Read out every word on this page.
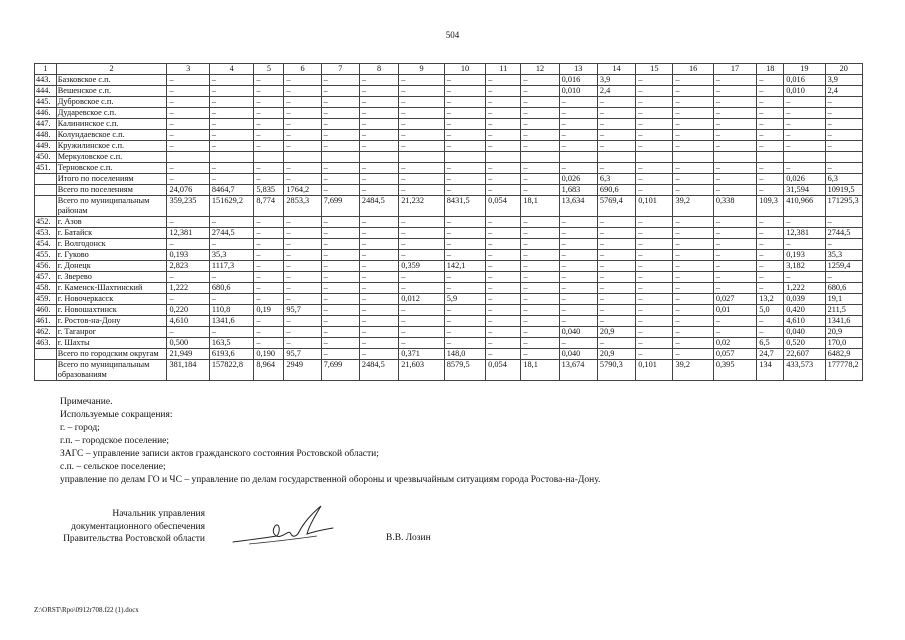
504
1	2	3	4	5	6	7	8	9	10	11	12	13	14	15	16	17	18	19	20
443.	Базковское с.п.	–	–	–	–	–	–	–	–	–	–	0,016	3,9	–	–	–	–	0,016	3,9
444.	Вешенское с.п.	–	–	–	–	–	–	–	–	–	–	0,010	2,4	–	–	–	–	0,010	2,4
445.	Дубровское с.п.	–	–	–	–	–	–	–	–	–	–	–	–	–	–	–	–	–	–
446.	Дударевское с.п.	–	–	–	–	–	–	–	–	–	–	–	–	–	–	–	–	–	–
447.	Калининское с.п.	–	–	–	–	–	–	–	–	–	–	–	–	–	–	–	–	–	–
448.	Колундаевское с.п.	–	–	–	–	–	–	–	–	–	–	–	–	–	–	–	–	–	–
449.	Кружилинское с.п.	–	–	–	–	–	–	–	–	–	–	–	–	–	–	–	–	–	–
450.	Меркуловское с.п.																		
451.	Терновское с.п.	–	–	–	–	–	–	–	–	–	–	–	–	–	–	–	–	–	–
	Итого по поселениям	–	–	–	–	–	–	–	–	–	–	0,026	6,3	–	–	–	–	0,026	6,3
	Всего по поселениям	24,076	8464,7	5,835	1764,2	–	–	–	–	–	–	1,683	690,6	–	–	–	–	31,594	10919,5
	Всего по муниципальным районам	359,235	151629,2	8,774	2853,3	7,699	2484,5	21,232	8431,5	0,054	18,1	13,634	5769,4	0,101	39,2	0,338	109,3	410,966	171295,3
452.	г. Азов	–	–	–	–	–	–	–	–	–	–	–	–	–	–	–	–	–	–
453.	г. Батайск	12,381	2744,5	–	–	–	–	–	–	–	–	–	–	–	–	–	–	12,381	2744,5
454.	г. Волгодонск	–	–	–	–	–	–	–	–	–	–	–	–	–	–	–	–	–	–
455.	г. Гуково	0,193	35,3	–	–	–	–	–	–	–	–	–	–	–	–	–	–	0,193	35,3
456.	г. Донецк	2,823	1117,3	–	–	–	–	0,359	142,1	–	–	–	–	–	–	–	–	3,182	1259,4
457.	г. Зверево	–	–	–	–	–	–	–	–	–	–	–	–	–	–	–	–	–	–
458.	г. Каменск-Шахтинский	1,222	680,6	–	–	–	–	–	–	–	–	–	–	–	–	–	–	1,222	680,6
459.	г. Новочеркасск	–	–	–	–	–	–	0,012	5,9	–	–	–	–	–	–	0,027	13,2	0,039	19,1
460.	г. Новошахтинск	0,220	110,8	0,19	95,7	–	–	–	–	–	–	–	–	–	–	0,01	5,0	0,420	211,5
461.	г. Ростов-на-Дону	4,610	1341,6	–	–	–	–	–	–	–	–	–	–	–	–	–	–	4,610	1341,6
462.	г. Таганрог	–	–	–	–	–	–	–	–	–	–	0,040	20,9	–	–	–	–	0,040	20,9
463.	г. Шахты	0,500	163,5	–	–	–	–	–	–	–	–	–	–	–	–	0,02	6,5	0,520	170,0
	Всего по городским округам	21,949	6193,6	0,190	95,7	–	–	0,371	148,0	–	–	0,040	20,9	–	–	0,057	24,7	22,607	6482,9
	Всего по муниципальным образованиям	381,184	157822,8	8,964	2949	7,699	2484,5	21,603	8579,5	0,054	18,1	13,674	5790,3	0,101	39,2	0,395	134	433,573	177778,2

Примечание.

Используемые сокращения:

г. – город;

г.п. – городское поселение;

ЗАГС – управление записи актов гражданского состояния Ростовской области;

с.п. – сельское поселение;

управление по делам ГО и ЧС – управление по делам государственной обороны и чрезвычайным ситуациям города Ростова-на-Дону.

Начальник управления
документационного обеспечения
Правительства Ростовской области	В.В. Лозин
Z:\ORST\Rpo\0912r708.f22 (1).docx
